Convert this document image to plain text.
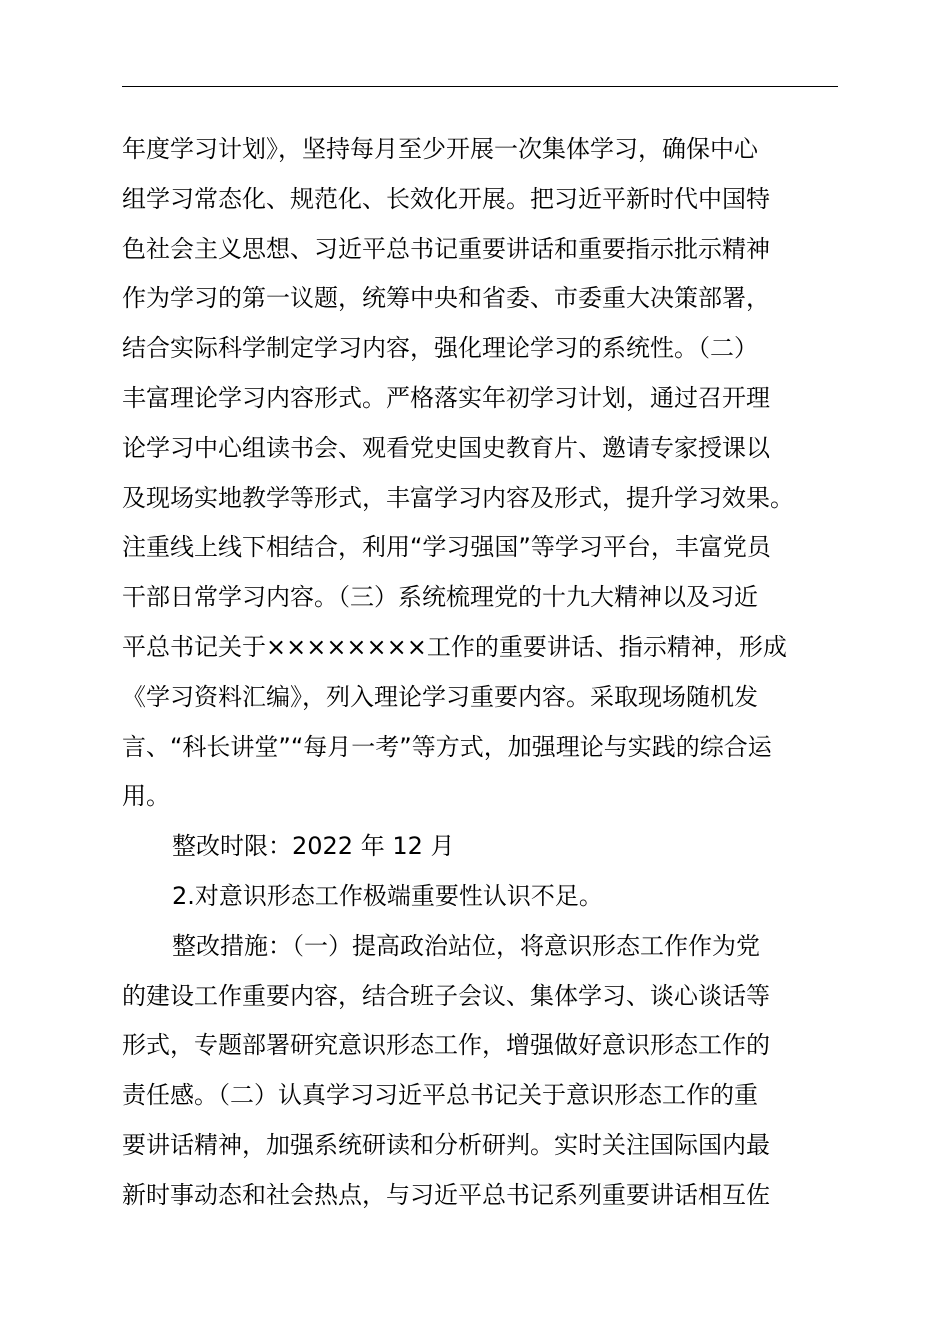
年度学习计划》，坚持每月至少开展一次集体学习，确保中心
组学习常态化、规范化、长效化开展。把习近平新时代中国特
色社会主义思想、习近平总书记重要讲话和重要指示批示精神
作为学习的第一议题，统筹中央和省委、市委重大决策部署，
结合实际科学制定学习内容，强化理论学习的系统性。（二）
丰富理论学习内容形式。严格落实年初学习计划，通过召开理
论学习中心组读书会、观看党史国史教育片、邀请专家授课以
及现场实地教学等形式，丰富学习内容及形式，提升学习效果。
注重线上线下相结合，利用“学习强国”等学习平台，丰富党员
干部日常学习内容。（三）系统梳理党的十九大精神以及习近
平总书记关于××××××××工作的重要讲话、指示精神，形成
《学习资料汇编》，列入理论学习重要内容。采取现场随机发
言、“科长讲堂”“每月一考”等方式，加强理论与实践的综合运
用。
整改时限：2022 年 12 月
2.对意识形态工作极端重要性认识不足。
整改措施：（一）提高政治站位，将意识形态工作作为党
的建设工作重要内容，结合班子会议、集体学习、谈心谈话等
形式，专题部署研究意识形态工作，增强做好意识形态工作的
责任感。（二）认真学习习近平总书记关于意识形态工作的重
要讲话精神，加强系统研读和分析研判。实时关注国际国内最
新时事动态和社会热点，与习近平总书记系列重要讲话相互佐
